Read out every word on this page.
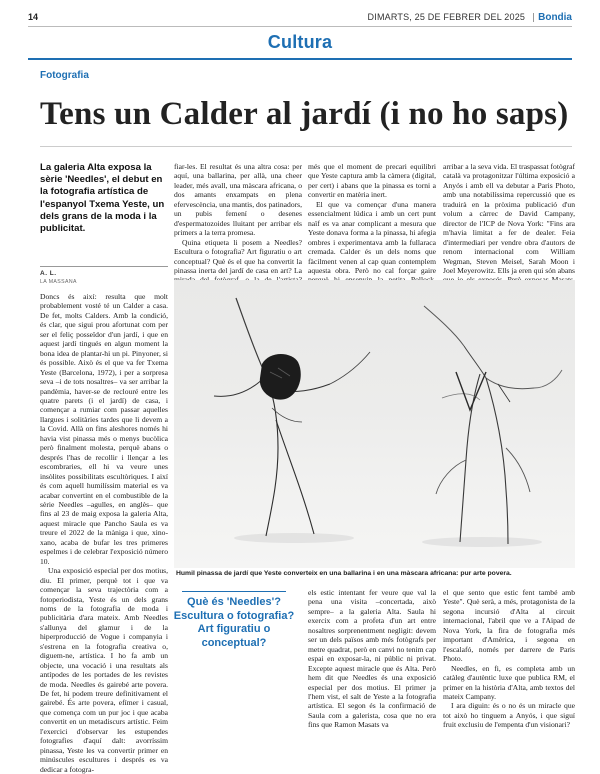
14	DIMARTS, 25 DE FEBRER DEL 2025 Bondia
Cultura
Fotografia
Tens un Calder al jardí (i no ho saps)
La galeria Alta exposa la sèrie 'Needles', el debut en la fotografia artística de l'espanyol Txema Yeste, un dels grans de la moda i la publicitat.
A. L.
LA MASSANA

Doncs és així: resulta que molt probablement vosté té un Calder a casa. De fet, molts Calders. Amb la condició, és clar, que sigui prou afortunat com per ser el feliç posseïdor d'un jardí, i que en aquest jardí tingués en algun moment la bona idea de plantar-hi un pi. Pinyoner, si és possible. Això és el que va fer Txema Yeste (Barcelona, 1972), i per a sorpresa seva –i de tots nosaltres– va ser arribar la pandèmia, haver-se de reclouré entre les quatre parets (i el jardí) de casa, i començar a rumiar com passar aquelles llargues i solitàries tardes que li devem a la Covid. Allà on fins aleshores només hi havia vist pinassa més o menys bucòlica però finalment molesta, perquè abans o després l'has de recollir i llençar a les escombraries, ell hi va veure unes insòlites possibilitats escultòriques. I així és com aquell humilíssim material es va acabar convertint en el combustible de la sèrie Needles –agulles, en anglès– que fins al 23 de maig exposa la galeria Alta, aquest miracle que Pancho Saula es va treure el 2022 de la màniga i que, xino-xano, acaba de bufar les tres primeres espelmes i de celebrar l'exposició número 10.

Una exposició especial per dos motius, diu. El primer, perquè tot i que va començar la seva trajectòria com a fotoperiodista, Yeste és un dels grans noms de la fotografia de moda i publicitària d'ara mateix. Amb Needles s'allunya del glamur i de la hiperproducció de Vogue i companyia i s'estrena en la fotografia creativa o, diguem-ne, artística. I ho fa amb un objecte, una vocació i una resultats als antípodes de les portades de les revistes de moda. Needles és gairebé arte povera. De fet, hi podem treure definitivament el gairebé. És arte povera, efímer i casual, que comença com un pur joc i que acaba convertit en un metadiscurs artístic. Feim l'exercici d'observar les estupendes fotografies d'aquí dalt: avorríssim pinassa, Yeste les va convertir primer en minúscules escultures i després es va dedicar a fotogra-

fiar-les. El resultat és una altra cosa: per aquí, una ballarina, per allà, una cheer leader, més avall, una màscara africana, o dos amants enxampats en plena efervescència, una mantis, dos patinadors, un pubis femení o desenes d'espermatozoides lluitant per arribar els primers a la terra promesa.

Quina etiqueta li posem a Needles? Escultura o fotografia? Art figuratiu o art conceptual? Què és el que ha convertit la pinassa inerta del jardí de casa en art? La

més que el moment de precari equilibri que Yeste captura amb la càmera (digital, per cert) i abans que la pinassa es torni a convertir en matèria inert.

El que va començar d'una manera essencialment lúdica i amb un cert punt naïf es va anar complicant a mesura que Yeste donava forma a la pinassa, hi afegia ombres i experimentava amb la fullaraca cremada. Calder és un dels noms que fàcilment venen al cap quan contemplem aquesta obra. Però no cal forçar gaire

arribar a la seva vida. El traspassat fotògraf català va protagonitzar l'última exposició a Anyós i amb ell va debutar a Paris Photo, amb una notabilíssima repercussió que es traduirà en la pròxima publicació d'un volum a càrrec de David Campany, director de l'ICP de Nova York: "Fins ara m'havia limitat a fer de dealer. Feia d'intermediari per vendre obra d'autors de renom internacional com William Wegman, Steven Meisel, Sarah Moon i Joel Meyerowitz. Ells ja eren qui són abans

Humil pinassa de jardí que Yeste converteix en una ballarina i en una màscara africana: pur arte povera.
Què és 'Needles'? Escultura o fotografia? Art figuratiu o conceptual?

els estic intentant fer veure que val la pena una visita –concertada, això sempre– a la galeria Alta. Saula hi exercix com a profeta d'un art entre nosaltres sorprenentment negligit: devem ser un dels països amb més fotògrafs per metre quadrat, però en canvi no tenim cap espai en exposar-la, ni públic ni privat. Excepte aquest miracle que és Alta. Però hem dit que Needles és una exposició especial per dos motius. El primer ja l'hem vist, el salt de Yeste a la fotografia artística. El segon és la confirmació de Saula com a galerista, cosa que no era fins que Ramon Masats va

el que sento que estic fent també amb Yeste". Què serà, a més, protagonista de la segona incursió d'Alta al circuit internacional, l'abril que ve a l'Aipad de Nova York, la fira de fotografia més important d'Amèrica, i segona en l'escalafó, només per darrere de Paris Photo.

Needles, en fi, es completa amb un catàleg d'autèntic luxe que publica RM, el primer en la història d'Alta, amb textos del mateix Campany.

I ara diguin: és o no és un miracle que tot això ho tinguem a Anyós, i que siguí fruit exclusiu de l'empenta d'un visionari?
